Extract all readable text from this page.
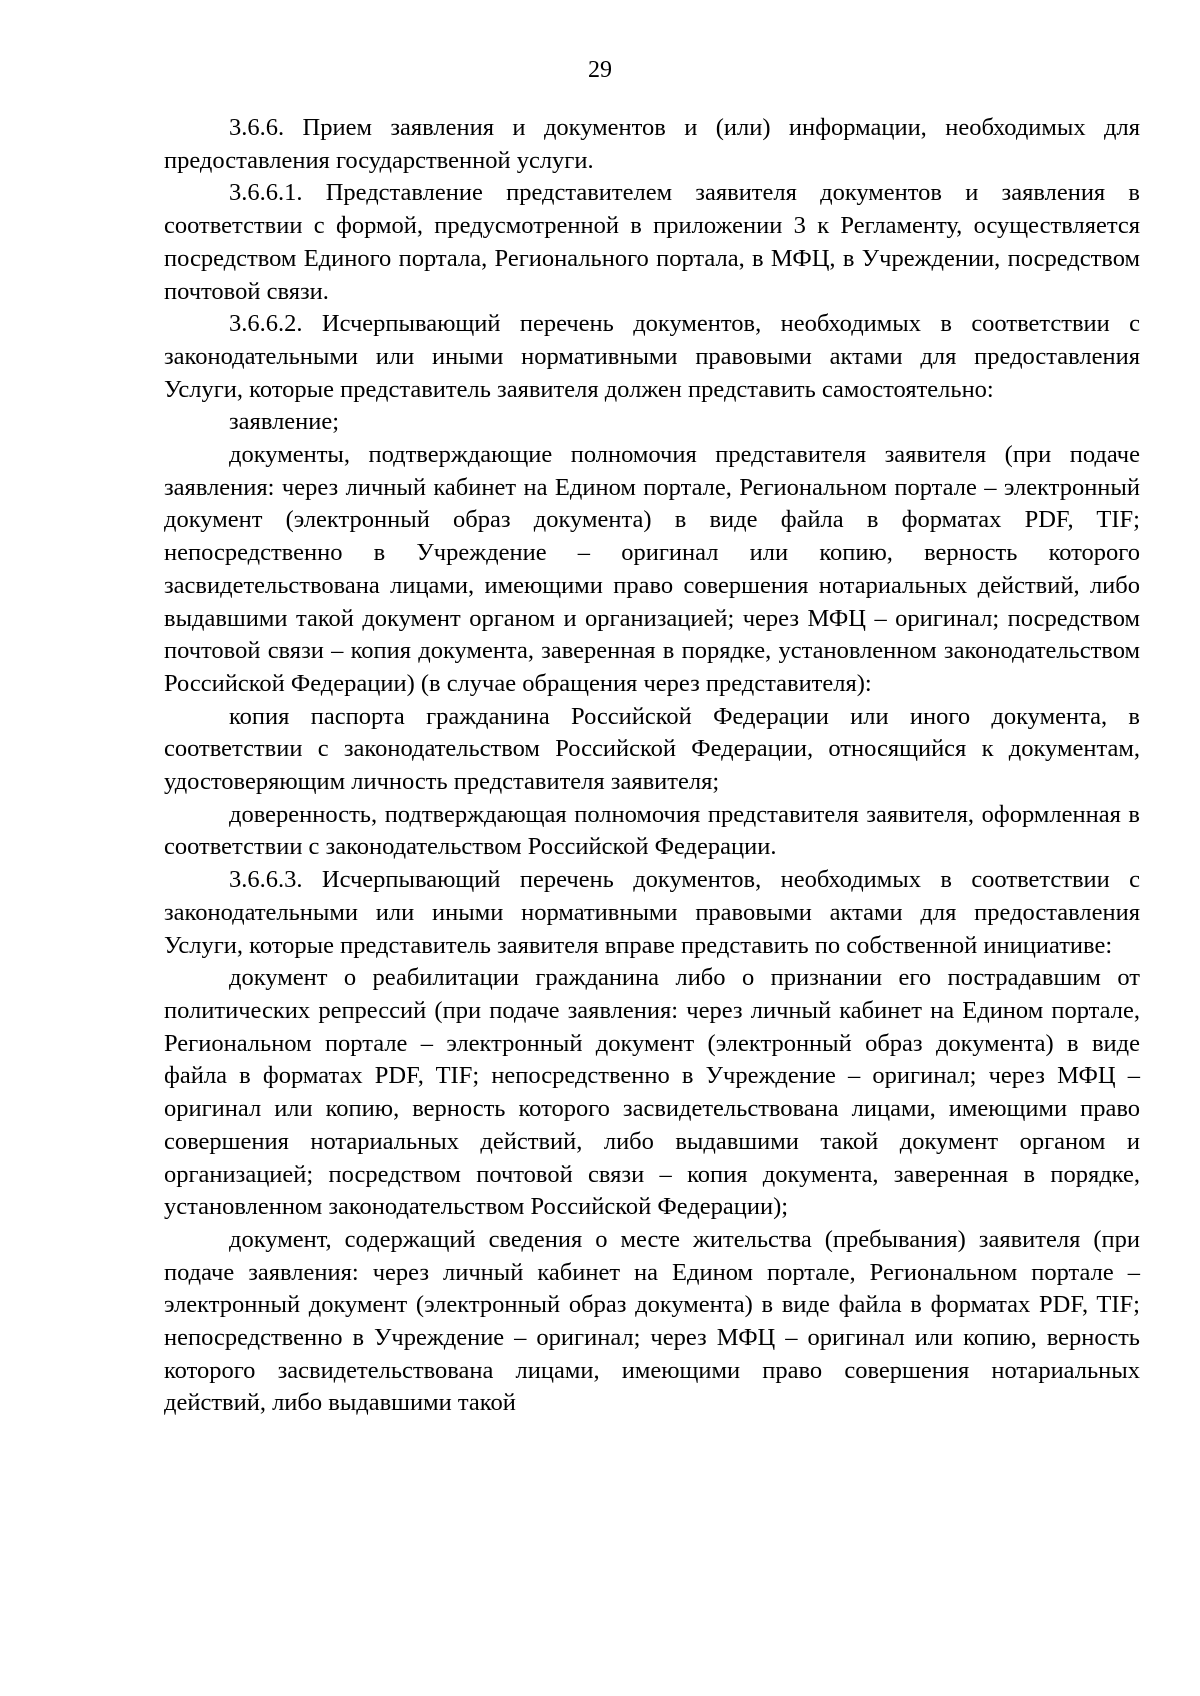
29

3.6.6. Прием заявления и документов и (или) информации, необходимых для предоставления государственной услуги.

3.6.6.1. Представление представителем заявителя документов и заявления в соответствии с формой, предусмотренной в приложении 3 к Регламенту, осуществляется посредством Единого портала, Регионального портала, в МФЦ, в Учреждении, посредством почтовой связи.

3.6.6.2. Исчерпывающий перечень документов, необходимых в соответствии с законодательными или иными нормативными правовыми актами для предоставления Услуги, которые представитель заявителя должен представить самостоятельно:

заявление;

документы, подтверждающие полномочия представителя заявителя (при подаче заявления: через личный кабинет на Едином портале, Региональном портале – электронный документ (электронный образ документа) в виде файла в форматах PDF, TIF; непосредственно в Учреждение – оригинал или копию, верность которого засвидетельствована лицами, имеющими право совершения нотариальных действий, либо выдавшими такой документ органом и организацией; через МФЦ – оригинал; посредством почтовой связи – копия документа, заверенная в порядке, установленном законодательством Российской Федерации) (в случае обращения через представителя):

копия паспорта гражданина Российской Федерации или иного документа, в соответствии с законодательством Российской Федерации, относящийся к документам, удостоверяющим личность представителя заявителя;

доверенность, подтверждающая полномочия представителя заявителя, оформленная в соответствии с законодательством Российской Федерации.

3.6.6.3. Исчерпывающий перечень документов, необходимых в соответствии с законодательными или иными нормативными правовыми актами для предоставления Услуги, которые представитель заявителя вправе представить по собственной инициативе:

документ о реабилитации гражданина либо о признании его пострадавшим от политических репрессий (при подаче заявления: через личный кабинет на Едином портале, Региональном портале – электронный документ (электронный образ документа) в виде файла в форматах PDF, TIF; непосредственно в Учреждение – оригинал; через МФЦ – оригинал или копию, верность которого засвидетельствована лицами, имеющими право совершения нотариальных действий, либо выдавшими такой документ органом и организацией; посредством почтовой связи – копия документа, заверенная в порядке, установленном законодательством Российской Федерации);

документ, содержащий сведения о месте жительства (пребывания) заявителя (при подаче заявления: через личный кабинет на Едином портале, Региональном портале – электронный документ (электронный образ документа) в виде файла в форматах PDF, TIF; непосредственно в Учреждение – оригинал; через МФЦ – оригинал или копию, верность которого засвидетельствована лицами, имеющими право совершения нотариальных действий, либо выдавшими такой
